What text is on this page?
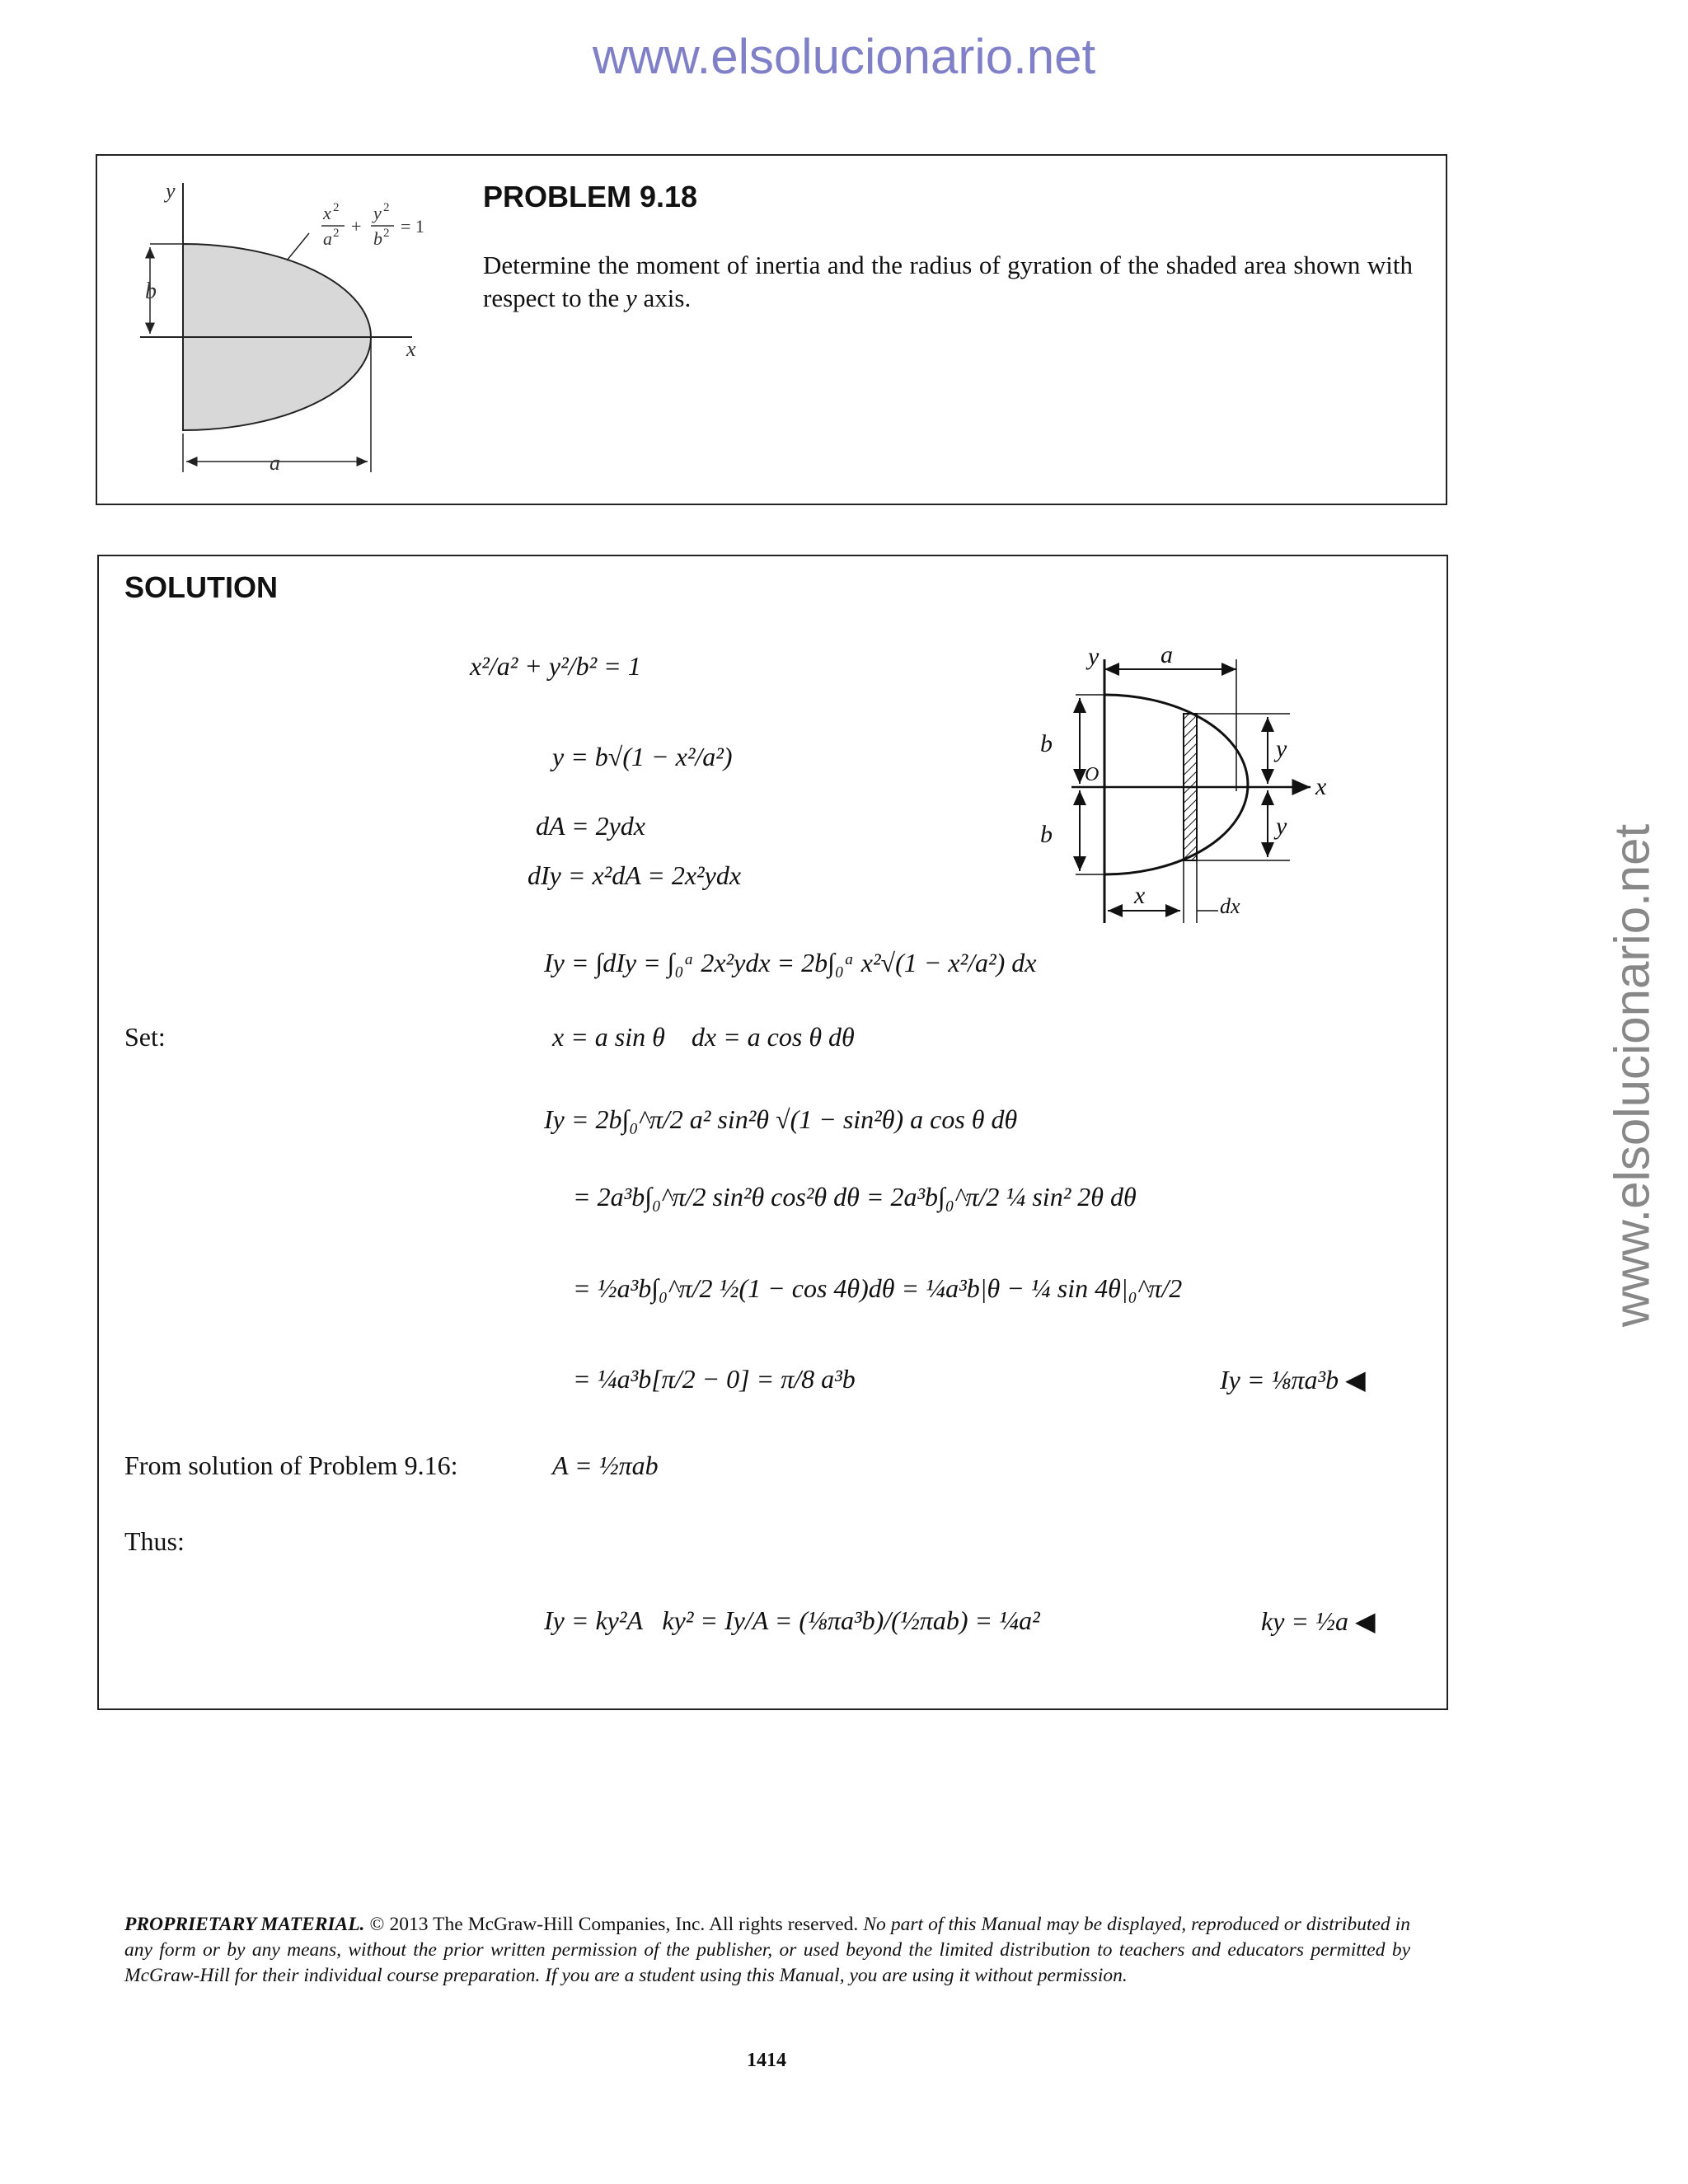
www.elsolucionario.net
www.elsolucionario.net
y
x
b
a
x 2
a 2 +
y 2
b 2 = 1
PROBLEM 9.18
Determine the moment of inertia and the radius of gyration of the shaded area shown with respect to the y axis.
SOLUTION
Set:
From solution of Problem 9.16:
Thus:
y a
b
b
O	x
y
y
x	dx
x²/a² + y²/b² = 1
y = b√(1 − x²/a²)
dA = 2ydx
dIy = x²dA = 2x²ydx
Iy = ∫dIy = ∫₀ᵃ 2x²ydx = 2b∫₀ᵃ x²√(1 − x²/a²) dx
x = a sin θ    dx = a cos θ dθ
Iy = 2b∫₀^π/2 a² sin²θ √(1 − sin²θ) a cos θ dθ
= 2a³b∫₀^π/2 sin²θ cos²θ dθ = 2a³b∫₀^π/2 ¼ sin² 2θ dθ
= ½a³b∫₀^π/2 ½(1 − cos 4θ)dθ = ¼a³b|θ − ¼ sin 4θ|₀^π/2
= ¼a³b[π/2 − 0] = π/8 a³b
A = ½πab
Iy = ky²A   ky² = Iy/A = (⅛πa³b)/(½πab) = ¼a²
Iy = ⅛πa³b ◀
ky = ½a ◀
PROPRIETARY MATERIAL. © 2013 The McGraw-Hill Companies, Inc. All rights reserved. No part of this Manual may be displayed, reproduced or distributed in any form or by any means, without the prior written permission of the publisher, or used beyond the limited distribution to teachers and educators permitted by McGraw-Hill for their individual course preparation. If you are a student using this Manual, you are using it without permission.
1414
